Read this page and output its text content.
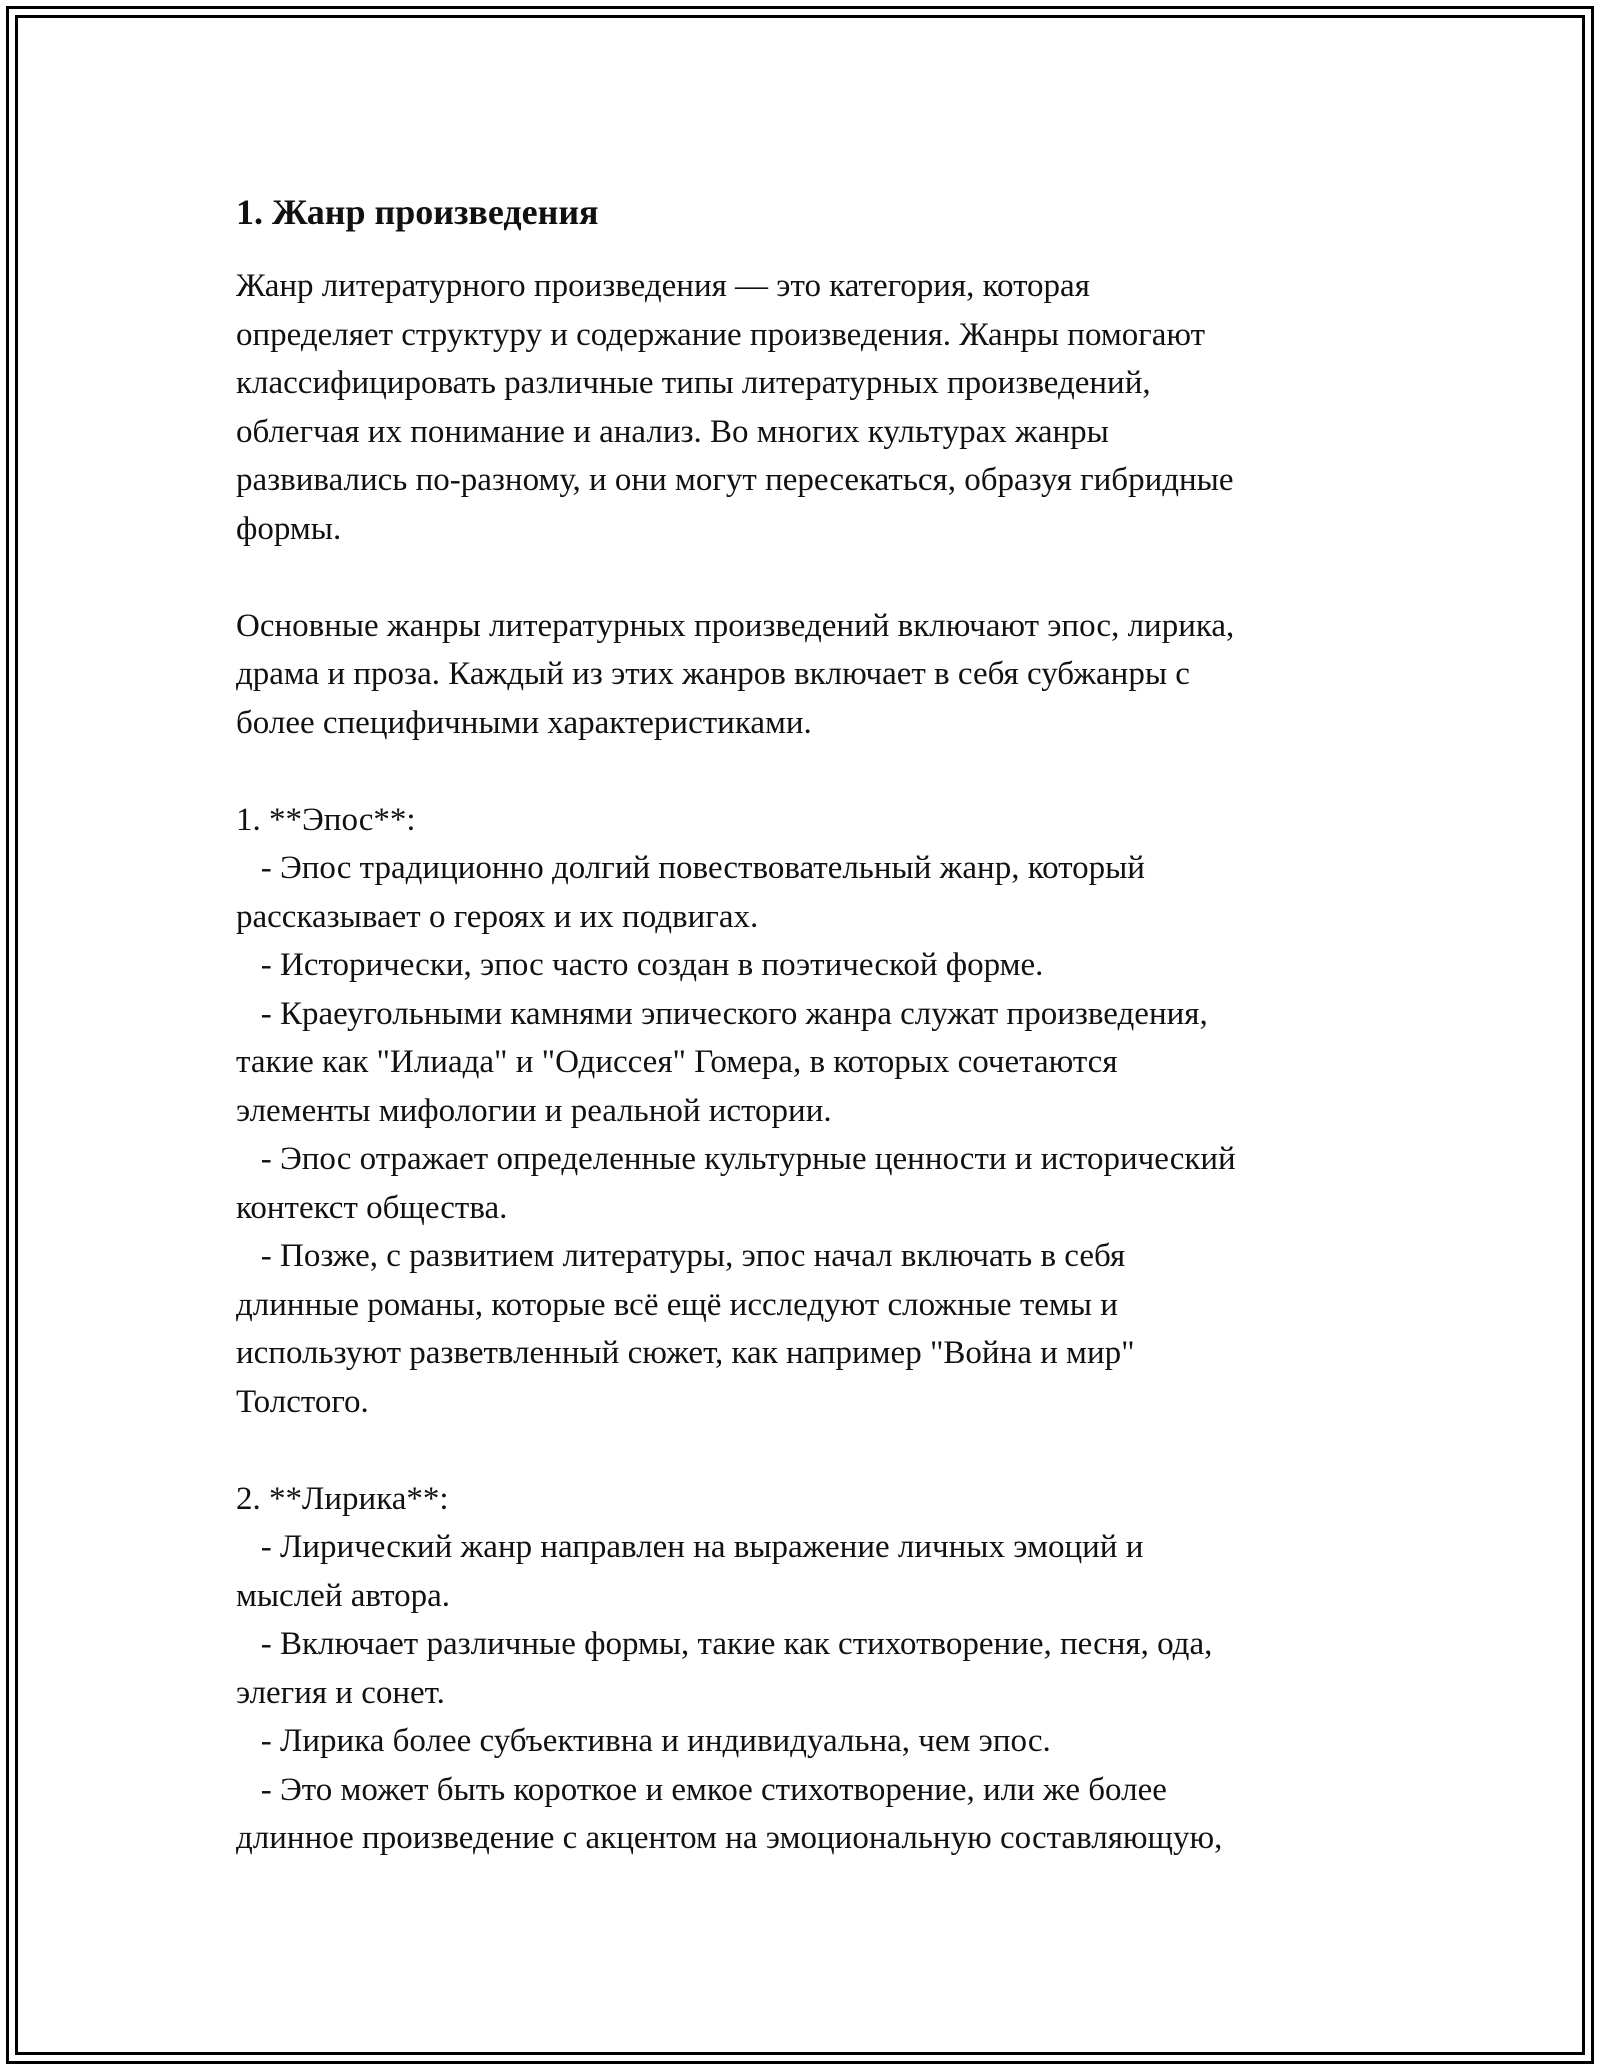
1. Жанр произведения

Жанр литературного произведения — это категория, которая
определяет структуру и содержание произведения. Жанры помогают
классифицировать различные типы литературных произведений,
облегчая их понимание и анализ. Во многих культурах жанры
развивались по-разному, и они могут пересекаться, образуя гибридные
формы.

Основные жанры литературных произведений включают эпос, лирика,
драма и проза. Каждый из этих жанров включает в себя субжанры с
более специфичными характеристиками.

1. **Эпос**:

- Эпос традиционно долгий повествовательный жанр, который
рассказывает о героях и их подвигах.

- Исторически, эпос часто создан в поэтической форме.

- Краеугольными камнями эпического жанра служат произведения,
такие как "Илиада" и "Одиссея" Гомера, в которых сочетаются
элементы мифологии и реальной истории.

- Эпос отражает определенные культурные ценности и исторический
контекст общества.

- Позже, с развитием литературы, эпос начал включать в себя
длинные романы, которые всё ещё исследуют сложные темы и
используют разветвленный сюжет, как например "Война и мир"
Толстого.

2. **Лирика**:

- Лирический жанр направлен на выражение личных эмоций и
мыслей автора.

- Включает различные формы, такие как стихотворение, песня, ода,
элегия и сонет.

- Лирика более субъективна и индивидуальна, чем эпос.

- Это может быть короткое и емкое стихотворение, или же более
длинное произведение с акцентом на эмоциональную составляющую,
